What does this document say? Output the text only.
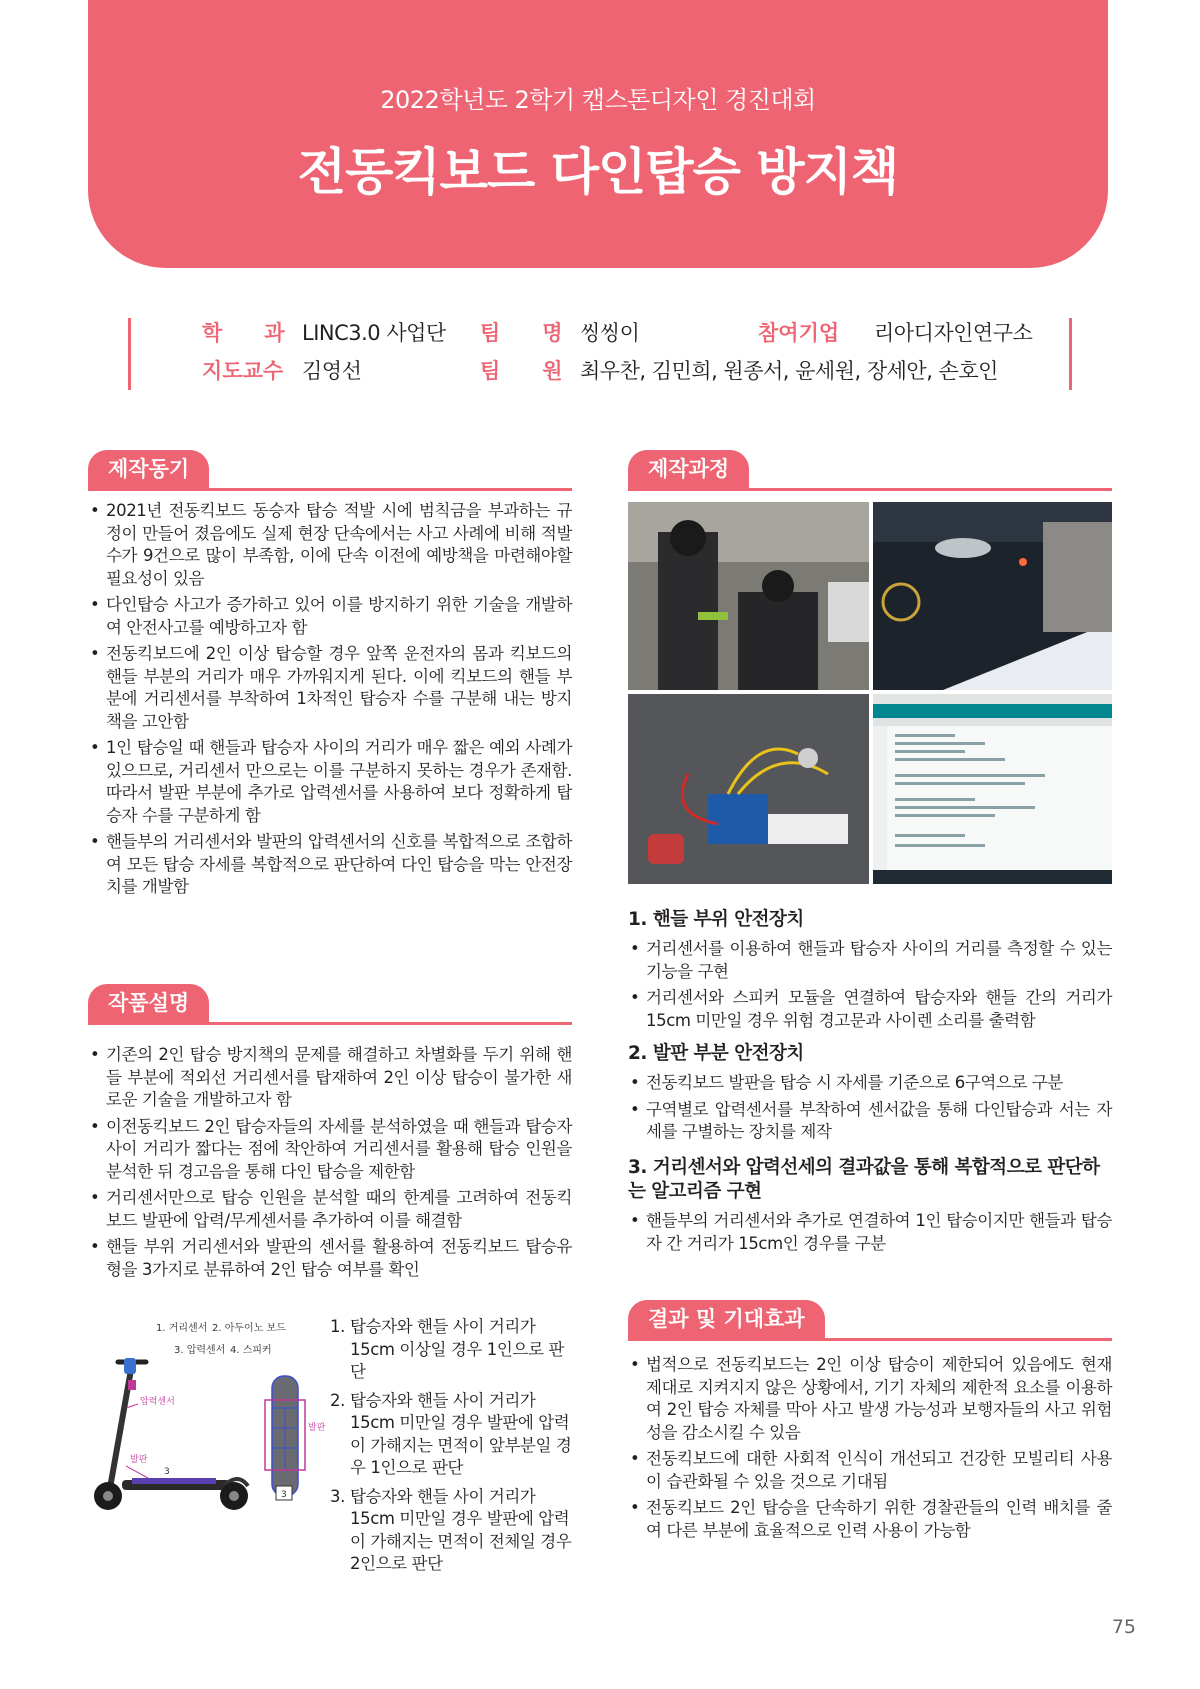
2022학년도 2학기 캡스톤디자인 경진대회
전동킥보드 다인탑승 방지책
학　　과 LINC3.0 사업단 팀　　명 씽씽이	참여기업 리아디자인연구소
지도교수 김영선	팀　　원 최우찬, 김민희, 원종서, 윤세원, 장세안, 손호인
제작동기
• 2021년 전동킥보드 동승자 탑승 적발 시에 범칙금을 부과하는 규정이 만들어 졌음에도 실제 현장 단속에서는 사고 사례에 비해 적발 수가 9건으로 많이 부족함, 이에 단속 이전에 예방책을 마련해야할 필요성이 있음
• 다인탑승 사고가 증가하고 있어 이를 방지하기 위한 기술을 개발하여 안전사고를 예방하고자 함
• 전동킥보드에 2인 이상 탑승할 경우 앞쪽 운전자의 몸과 킥보드의 핸들 부분의 거리가 매우 가까워지게 된다. 이에 킥보드의 핸들 부분에 거리센서를 부착하여 1차적인 탑승자 수를 구분해 내는 방지책을 고안함
• 1인 탑승일 때 핸들과 탑승자 사이의 거리가 매우 짧은 예외 사례가 있으므로, 거리센서 만으로는 이를 구분하지 못하는 경우가 존재함. 따라서 발판 부분에 추가로 압력센서를 사용하여 보다 정확하게 탑승자 수를 구분하게 함
• 핸들부의 거리센서와 발판의 압력센서의 신호를 복합적으로 조합하여 모든 탑승 자세를 복합적으로 판단하여 다인 탑승을 막는 안전장치를 개발함
작품설명
• 기존의 2인 탑승 방지책의 문제를 해결하고 차별화를 두기 위해 핸들 부분에 적외선 거리센서를 탑재하여 2인 이상 탑승이 불가한 새로운 기술을 개발하고자 함
• 이전동킥보드 2인 탑승자들의 자세를 분석하였을 때 핸들과 탑승자 사이 거리가 짧다는 점에 착안하여 거리센서를 활용해 탑승 인원을 분석한 뒤 경고음을 통해 다인 탑승을 제한함
• 거리센서만으로 탑승 인원을 분석할 때의 한계를 고려하여 전동킥보드 발판에 압력/무게센서를 추가하여 이를 해결함
• 핸들 부위 거리센서와 발판의 센서를 활용하여 전동킥보드 탑승유형을 3가지로 분류하여 2인 탑승 여부를 확인
1. 거리센서 2. 아두이노 보드
3. 압력센서 4. 스피커
압력센서
발판
3
3
발판
1. 탑승자와 핸들 사이 거리가 15cm 이상일 경우 1인으로 판단
2. 탑승자와 핸들 사이 거리가 15cm 미만일 경우 발판에 압력이 가해지는 면적이 앞부분일 경우 1인으로 판단
3. 탑승자와 핸들 사이 거리가 15cm 미만일 경우 발판에 압력이 가해지는 면적이 전체일 경우 2인으로 판단
제작과정
1. 핸들 부위 안전장치
• 거리센서를 이용하여 핸들과 탑승자 사이의 거리를 측정할 수 있는 기능을 구현
• 거리센서와 스피커 모듈을 연결하여 탑승자와 핸들 간의 거리가 15cm 미만일 경우 위험 경고문과 사이렌 소리를 출력함
2. 발판 부분 안전장치
• 전동킥보드 발판을 탑승 시 자세를 기준으로 6구역으로 구분
• 구역별로 압력센서를 부착하여 센서값을 통해 다인탑승과 서는 자세를 구별하는 장치를 제작
3. 거리센서와 압력선세의 결과값을 통해 복합적으로 판단하는 알고리즘 구현
• 핸들부의 거리센서와 추가로 연결하여 1인 탑승이지만 핸들과 탑승자 간 거리가 15cm인 경우를 구분
결과 및 기대효과
• 법적으로 전동킥보드는 2인 이상 탑승이 제한되어 있음에도 현재 제대로 지켜지지 않은 상황에서, 기기 자체의 제한적 요소를 이용하여 2인 탑승 자체를 막아 사고 발생 가능성과 보행자들의 사고 위험성을 감소시킬 수 있음
• 전동킥보드에 대한 사회적 인식이 개선되고 건강한 모빌리티 사용이 습관화될 수 있을 것으로 기대됨
• 전동킥보드 2인 탑승을 단속하기 위한 경찰관들의 인력 배치를 줄여 다른 부분에 효율적으로 인력 사용이 가능함
75
